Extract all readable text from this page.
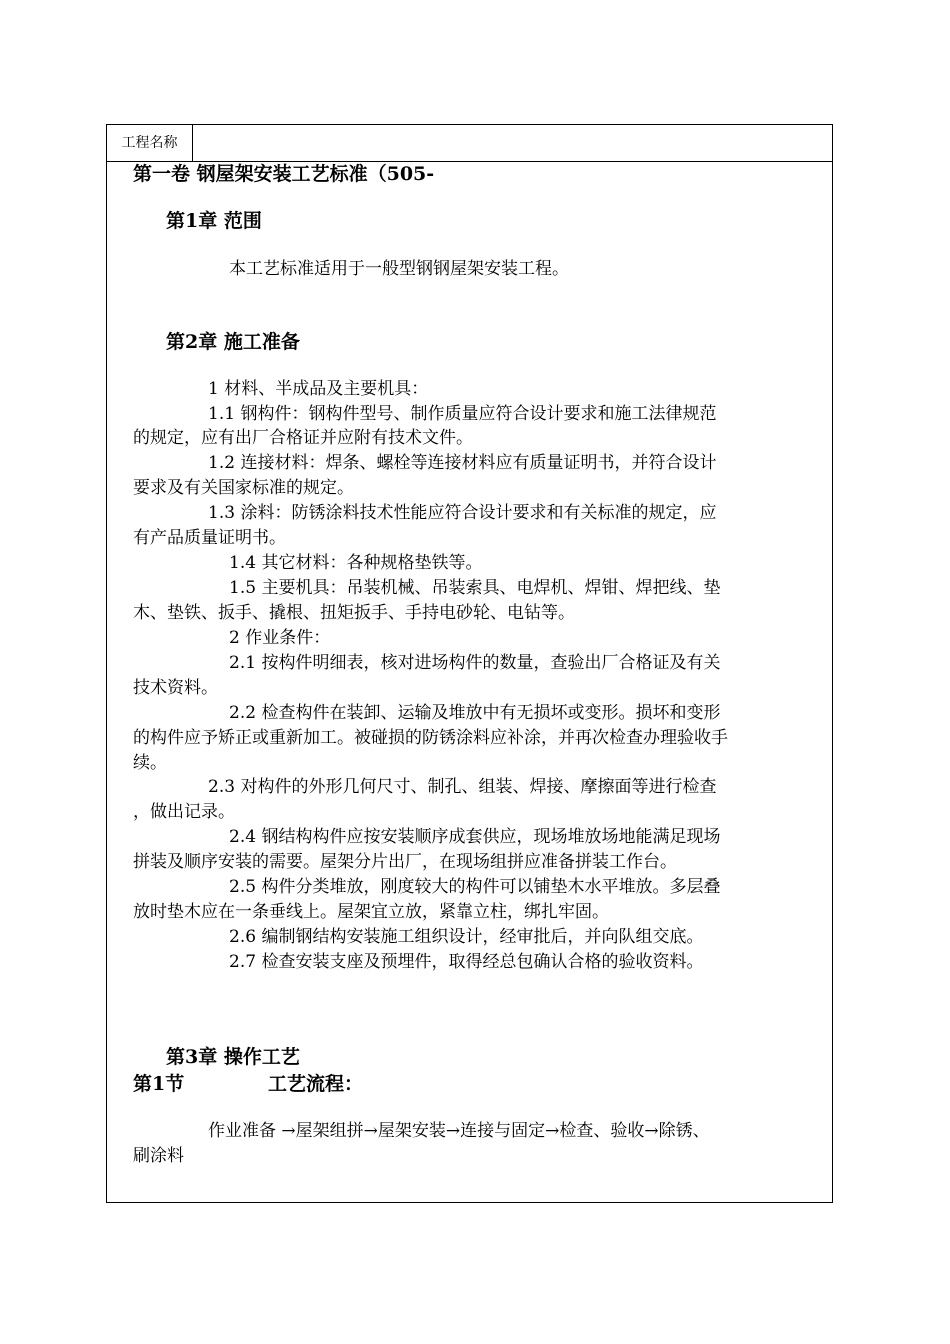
工程名称
第一卷 钢屋架安装工艺标准（505-
第1章 范围
本工艺标准适用于一般型钢钢屋架安装工程。
第2章 施工准备
1 材料、半成品及主要机具：
1.1 钢构件：钢构件型号、制作质量应符合设计要求和施工法律规范
的规定，应有出厂合格证并应附有技术文件。
1.2 连接材料：焊条、螺栓等连接材料应有质量证明书，并符合设计
要求及有关国家标准的规定。
1.3 涂料：防锈涂料技术性能应符合设计要求和有关标准的规定，应
有产品质量证明书。
1.4 其它材料：各种规格垫铁等。
1.5 主要机具：吊装机械、吊装索具、电焊机、焊钳、焊把线、垫
木、垫铁、扳手、撬根、扭矩扳手、手持电砂轮、电钻等。
2 作业条件：
2.1 按构件明细表，核对进场构件的数量，查验出厂合格证及有关
技术资料。
2.2 检查构件在装卸、运输及堆放中有无损坏或变形。损坏和变形
的构件应予矫正或重新加工。被碰损的防锈涂料应补涂，并再次检查办理验收手
续。
2.3 对构件的外形几何尺寸、制孔、组装、焊接、摩擦面等进行检查
，做出记录。
2.4 钢结构构件应按安装顺序成套供应，现场堆放场地能满足现场
拼装及顺序安装的需要。屋架分片出厂，在现场组拼应准备拼装工作台。
2.5 构件分类堆放，刚度较大的构件可以铺垫木水平堆放。多层叠
放时垫木应在一条垂线上。屋架宜立放，紧靠立柱，绑扎牢固。
2.6 编制钢结构安装施工组织设计，经审批后，并向队组交底。
2.7 检查安装支座及预埋件，取得经总包确认合格的验收资料。
第3章 操作工艺
第1节	工艺流程：
作业准备 →屋架组拼→屋架安装→连接与固定→检查、验收→除锈、
刷涂料
